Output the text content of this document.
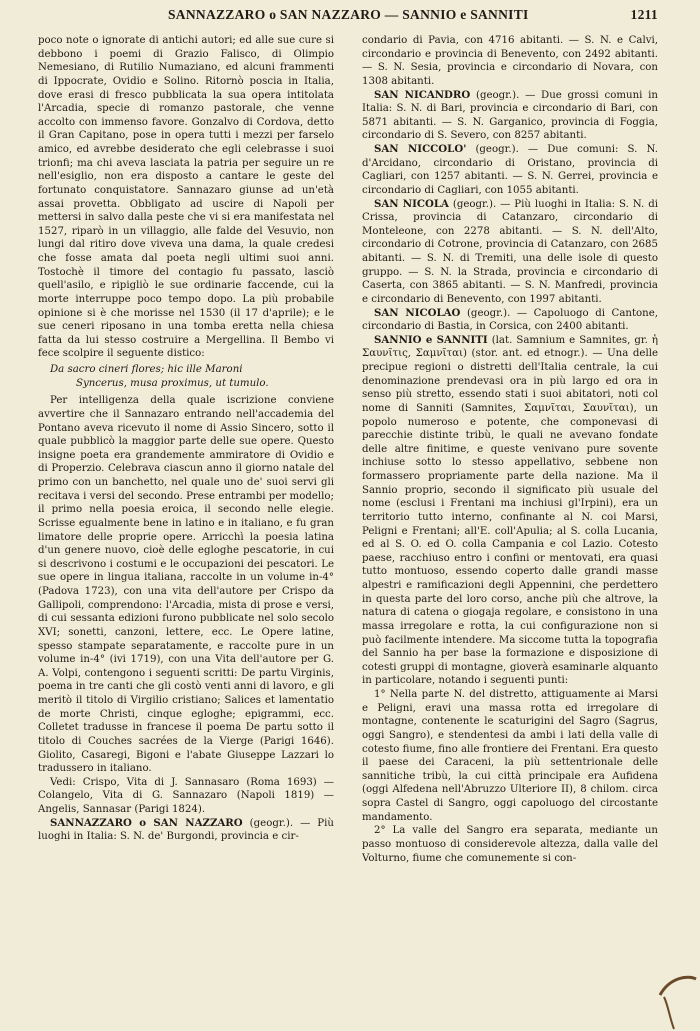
SANNAZZARO o SAN NAZZARO — SANNIO e SANNITI	1211

poco note o ignorate di antichi autori; ed alle sue cure si debbono i poemi di Grazio Falisco, di Olimpio Nemesiano, di Rutilio Numaziano, ed alcuni frammenti di Ippocrate, Ovidio e Solino. Ritornò poscia in Italia, dove erasi di fresco pubblicata la sua opera intitolata l'Arcadia, specie di romanzo pastorale, che venne accolto con immenso favore. Gonzalvo di Cordova, detto il Gran Capitano, pose in opera tutti i mezzi per farselo amico, ed avrebbe desiderato che egli celebrasse i suoi trionfi; ma chi aveva lasciata la patria per seguire un re nell'esiglio, non era disposto a cantare le geste del fortunato conquistatore. Sannazaro giunse ad un'età assai provetta. Obbligato ad uscire di Napoli per mettersi in salvo dalla peste che vi si era manifestata nel 1527, riparò in un villaggio, alle falde del Vesuvio, non lungi dal ritiro dove viveva una dama, la quale credesi che fosse amata dal poeta negli ultimi suoi anni. Tostochè il timore del contagio fu passato, lasciò quell'asilo, e ripigliò le sue ordinarie faccende, cui la morte interruppe poco tempo dopo. La più probabile opinione si è che morisse nel 1530 (il 17 d'aprile); e le sue ceneri riposano in una tomba eretta nella chiesa fatta da lui stesso costruire a Mergellina. Il Bembo vi fece scolpire il seguente distico:

Da sacro cineri flores; hic ille Maroni
Syncerus, musa proximus, ut tumulo.

Per intelligenza della quale iscrizione conviene avvertire che il Sannazaro entrando nell'accademia del Pontano aveva ricevuto il nome di Assio Sincero, sotto il quale pubblicò la maggior parte delle sue opere. Questo insigne poeta era grandemente ammiratore di Ovidio e di Properzio. Celebrava ciascun anno il giorno natale del primo con un banchetto, nel quale uno de' suoi servi gli recitava i versi del secondo. Prese entrambi per modello; il primo nella poesia eroica, il secondo nelle elegie. Scrisse egualmente bene in latino e in italiano, e fu gran limatore delle proprie opere. Arricchì la poesia latina d'un genere nuovo, cioè delle egloghe pescatorie, in cui si descrivono i costumi e le occupazioni dei pescatori. Le sue opere in lingua italiana, raccolte in un volume in-4° (Padova 1723), con una vita dell'autore per Crispo da Gallipoli, comprendono: l'Arcadia, mista di prose e versi, di cui sessanta edizioni furono pubblicate nel solo secolo XVI; sonetti, canzoni, lettere, ecc. Le Opere latine, spesso stampate separatamente, e raccolte pure in un volume in-4° (ivi 1719), con una Vita dell'autore per G. A. Volpi, contengono i seguenti scritti: De partu Virginis, poema in tre canti che gli costò venti anni di lavoro, e gli meritò il titolo di Virgilio cristiano; Salices et lamentatio de morte Christi, cinque egloghe; epigrammi, ecc. Colletet tradusse in francese il poema De partu sotto il titolo di Couches sacrées de la Vierge (Parigi 1646). Giolito, Casaregi, Bigoni e l'abate Giuseppe Lazzari lo tradussero in italiano.

Vedi: Crispo, Vita di J. Sannasaro (Roma 1693) — Colangelo, Vita di G. Sannazaro (Napoli 1819) — Angelis, Sannasar (Parigi 1824).

SANNAZZARO o SAN NAZZARO (geogr.). — Più luoghi in Italia: S. N. de' Burgondi, provincia e cir-

condario di Pavia, con 4716 abitanti. — S. N. e Calvi, circondario e provincia di Benevento, con 2492 abitanti. — S. N. Sesia, provincia e circondario di Novara, con 1308 abitanti.

SAN NICANDRO (geogr.). — Due grossi comuni in Italia: S. N. di Bari, provincia e circondario di Bari, con 5871 abitanti. — S. N. Garganico, provincia di Foggia, circondario di S. Severo, con 8257 abitanti.

SAN NICCOLO' (geogr.). — Due comuni: S. N. d'Arcidano, circondario di Oristano, provincia di Cagliari, con 1257 abitanti. — S. N. Gerrei, provincia e circondario di Cagliari, con 1055 abitanti.

SAN NICOLA (geogr.). — Più luoghi in Italia: S. N. di Crissa, provincia di Catanzaro, circondario di Monteleone, con 2278 abitanti. — S. N. dell'Alto, circondario di Cotrone, provincia di Catanzaro, con 2685 abitanti. — S. N. di Tremiti, una delle isole di questo gruppo. — S. N. la Strada, provincia e circondario di Caserta, con 3865 abitanti. — S. N. Manfredi, provincia e circondario di Benevento, con 1997 abitanti.

SAN NICOLAO (geogr.). — Capoluogo di Cantone, circondario di Bastia, in Corsica, con 2400 abitanti.

SANNIO e SANNITI (lat. Samnium e Samnites, gr. ἡ Σαυνῖτις, Σαμνῖται) (stor. ant. ed etnogr.). — Una delle precipue regioni o distretti dell'Italia centrale, la cui denominazione prendevasi ora in più largo ed ora in senso più stretto, essendo stati i suoi abitatori, noti col nome di Sanniti (Samnites, Σαμνῖται, Σαυνῖται), un popolo numeroso e potente, che componevasi di parecchie distinte tribù, le quali ne avevano fondate delle altre finitime, e queste venivano pure sovente inchiuse sotto lo stesso appellativo, sebbene non formassero propriamente parte della nazione. Ma il Sannio proprio, secondo il significato più usuale del nome (esclusi i Frentani ma inchiusi gl'Irpini), era un territorio tutto interno, confinante al N. coi Marsi, Peligni e Frentani; all'E. coll'Apulia; al S. colla Lucania, ed al S. O. ed O. colla Campania e col Lazio. Cotesto paese, racchiuso entro i confini or mentovati, era quasi tutto montuoso, essendo coperto dalle grandi masse alpestri e ramificazioni degli Appennini, che perdettero in questa parte del loro corso, anche più che altrove, la natura di catena o giogaja regolare, e consistono in una massa irregolare e rotta, la cui configurazione non si può facilmente intendere. Ma siccome tutta la topografia del Sannio ha per base la formazione e disposizione di cotesti gruppi di montagne, gioverà esaminarle alquanto in particolare, notando i seguenti punti:

1° Nella parte N. del distretto, attiguamente ai Marsi e Peligni, eravi una massa rotta ed irregolare di montagne, contenente le scaturigini del Sagro (Sagrus, oggi Sangro), e stendentesi da ambi i lati della valle di cotesto fiume, fino alle frontiere dei Frentani. Era questo il paese dei Caraceni, la più settentrionale delle sannitiche tribù, la cui città principale era Aufidena (oggi Alfedena nell'Abruzzo Ulteriore II), 8 chilom. circa sopra Castel di Sangro, oggi capoluogo del circostante mandamento.

2° La valle del Sangro era separata, mediante un passo montuoso di considerevole altezza, dalla valle del Volturno, fiume che comunemente si con-
